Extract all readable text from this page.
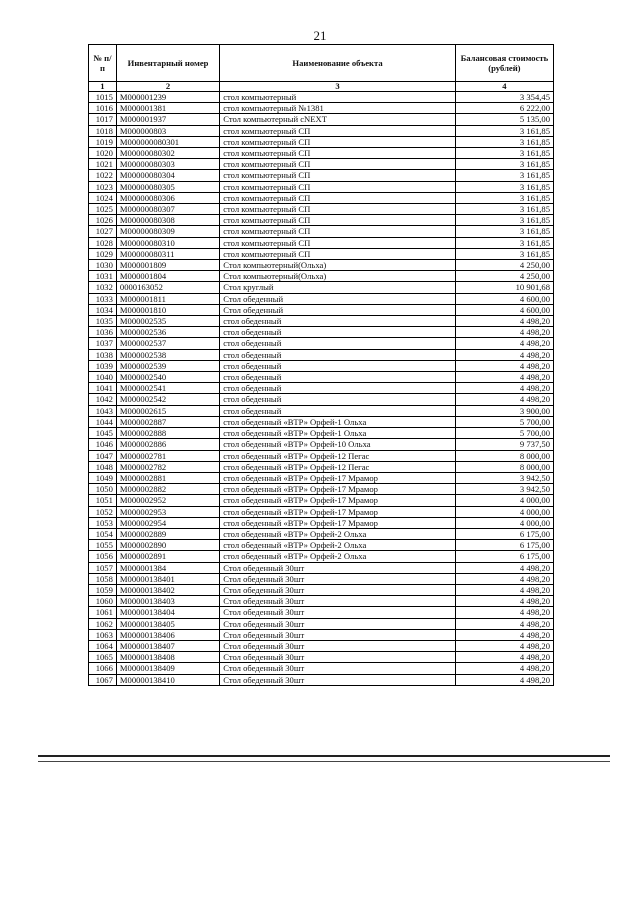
21
№ п/п	Инвентарный номер	Наименование объекта	Балансовая стоимость (рублей)
1	2	3	4
1015	М000001239	стол компьютерный	3 354,45
1016	М000001381	стол компьютерный №1381	6 222,00
1017	М000001937	Стол компьютерный cNEXT	5 135,00
1018	М000000803	стол компьютерный СП	3 161,85
1019	М000000080301	стол компьютерный СП	3 161,85
1020	М00000080302	стол компьютерный СП	3 161,85
1021	М00000080303	стол компьютерный СП	3 161,85
1022	М00000080304	стол компьютерный СП	3 161,85
1023	М00000080305	стол компьютерный СП	3 161,85
1024	М00000080306	стол компьютерный СП	3 161,85
1025	М00000080307	стол компьютерный СП	3 161,85
1026	М00000080308	стол компьютерный СП	3 161,85
1027	М00000080309	стол компьютерный СП	3 161,85
1028	М00000080310	стол компьютерный СП	3 161,85
1029	М00000080311	стол компьютерный СП	3 161,85
1030	М000001809	Стол компьютерный(Ольха)	4 250,00
1031	М000001804	Стол компьютерный(Ольха)	4 250,00
1032	0000163052	Стол круглый	10 901,68
1033	М000001811	Стол обеденный	4 600,00
1034	М000001810	Стол обеденный	4 600,00
1035	М000002535	стол обеденный	4 498,20
1036	М000002536	стол обеденный	4 498,20
1037	М000002537	стол обеденный	4 498,20
1038	М000002538	стол обеденный	4 498,20
1039	М000002539	стол обеденный	4 498,20
1040	М000002540	стол обеденный	4 498,20
1041	М000002541	стол обеденный	4 498,20
1042	М000002542	стол обеденный	4 498,20
1043	М000002615	стол обеденный	3 900,00
1044	М000002887	стол обеденный «ВТР» Орфей-1 Ольха	5 700,00
1045	М000002888	стол обеденный «ВТР» Орфей-1 Ольха	5 700,00
1046	М000002886	стол обеденный «ВТР» Орфей-10 Ольха	9 737,50
1047	М000002781	стол обеденный «ВТР» Орфей-12 Пегас	8 000,00
1048	М000002782	стол обеденный «ВТР» Орфей-12 Пегас	8 000,00
1049	М000002881	стол обеденный «ВТР» Орфей-17 Мрамор	3 942,50
1050	М000002882	стол обеденный «ВТР» Орфей-17 Мрамор	3 942,50
1051	М000002952	стол обеденный «ВТР» Орфей-17 Мрамор	4 000,00
1052	М000002953	стол обеденный «ВТР» Орфей-17 Мрамор	4 000,00
1053	М000002954	стол обеденный «ВТР» Орфей-17 Мрамор	4 000,00
1054	М000002889	стол обеденный «ВТР» Орфей-2 Ольха	6 175,00
1055	М000002890	стол обеденный «ВТР» Орфей-2 Ольха	6 175,00
1056	М000002891	стол обеденный «ВТР» Орфей-2 Ольха	6 175,00
1057	М000001384	Стол обеденный 30шт	4 498,20
1058	М00000138401	Стол обеденный 30шт	4 498,20
1059	М00000138402	Стол обеденный 30шт	4 498,20
1060	М00000138403	Стол обеденный 30шт	4 498,20
1061	М00000138404	Стол обеденный 30шт	4 498,20
1062	М00000138405	Стол обеденный 30шт	4 498,20
1063	М00000138406	Стол обеденный 30шт	4 498,20
1064	М00000138407	Стол обеденный 30шт	4 498,20
1065	М00000138408	Стол обеденный 30шт	4 498,20
1066	М00000138409	Стол обеденный 30шт	4 498,20
1067	М00000138410	Стол обеденный 30шт	4 498,20
